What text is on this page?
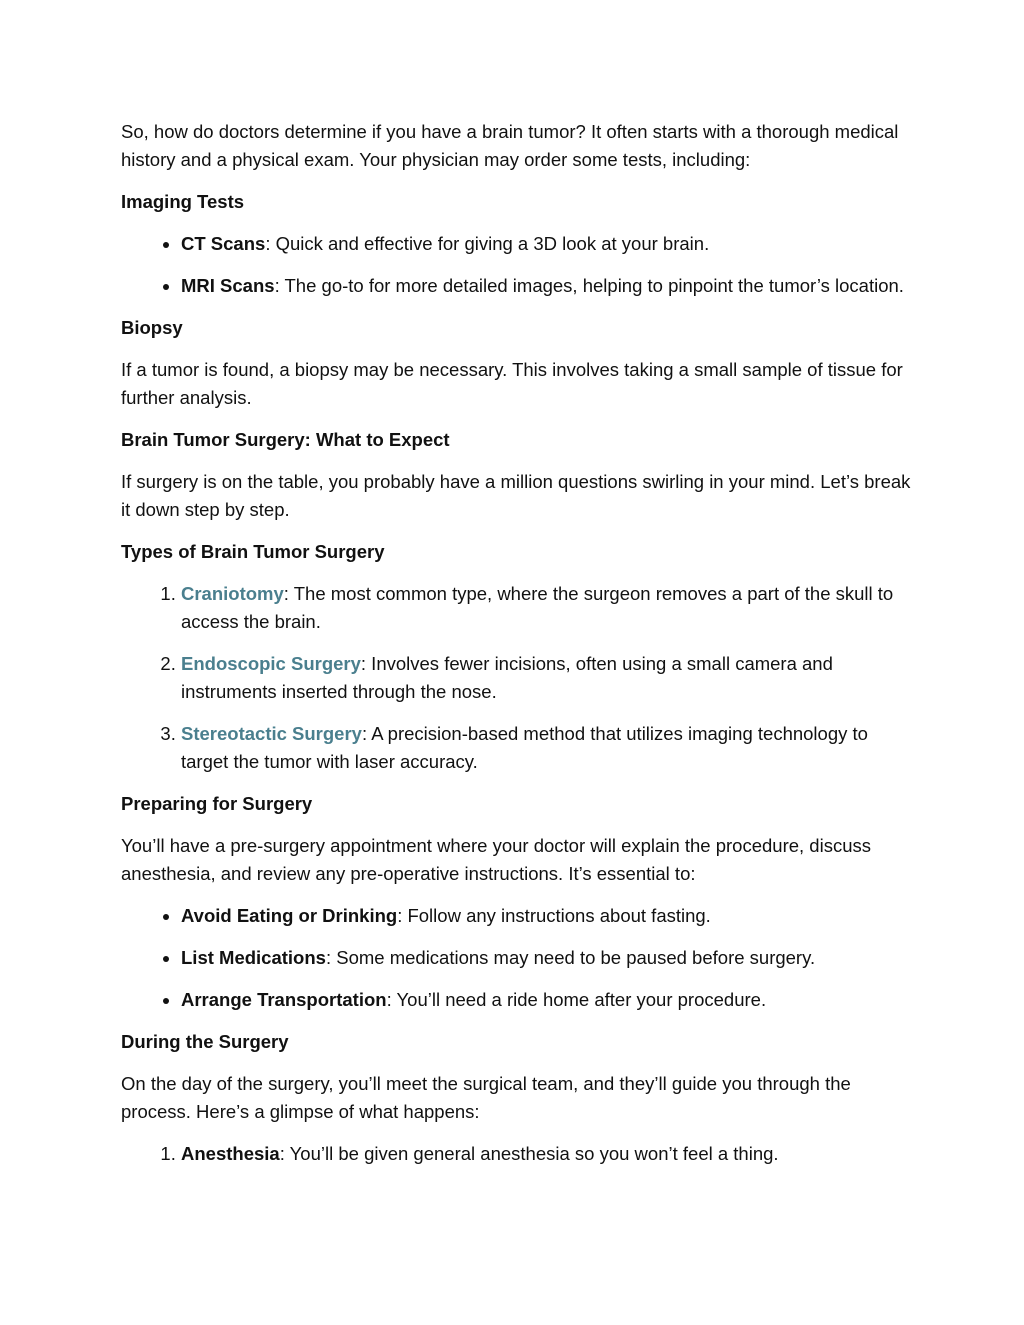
So, how do doctors determine if you have a brain tumor? It often starts with a thorough medical history and a physical exam. Your physician may order some tests, including:

Imaging Tests
• CT Scans: Quick and effective for giving a 3D look at your brain.
• MRI Scans: The go-to for more detailed images, helping to pinpoint the tumor’s location.
Biopsy

If a tumor is found, a biopsy may be necessary. This involves taking a small sample of tissue for further analysis.

Brain Tumor Surgery: What to Expect

If surgery is on the table, you probably have a million questions swirling in your mind. Let’s break it down step by step.

Types of Brain Tumor Surgery
1. Craniotomy: The most common type, where the surgeon removes a part of the skull to access the brain.
2. Endoscopic Surgery: Involves fewer incisions, often using a small camera and instruments inserted through the nose.
3. Stereotactic Surgery: A precision-based method that utilizes imaging technology to target the tumor with laser accuracy.
Preparing for Surgery

You’ll have a pre-surgery appointment where your doctor will explain the procedure, discuss anesthesia, and review any pre-operative instructions. It’s essential to:

• Avoid Eating or Drinking: Follow any instructions about fasting.
• List Medications: Some medications may need to be paused before surgery.
• Arrange Transportation: You’ll need a ride home after your procedure.
During the Surgery

On the day of the surgery, you’ll meet the surgical team, and they’ll guide you through the process. Here’s a glimpse of what happens:

1. Anesthesia: You’ll be given general anesthesia so you won’t feel a thing.
